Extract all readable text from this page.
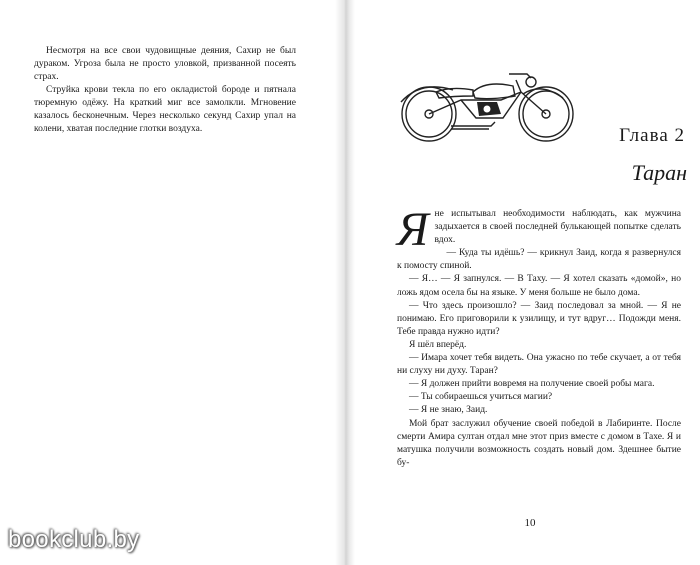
Несмотря на все свои чудовищные деяния, Сахир не был дураком. Угроза была не просто уловкой, призванной посеять страх.

Струйка крови текла по его окладистой бороде и пятнала тюремную одёжу. На краткий миг все замолкли. Мгновение казалось бесконечным. Через несколько секунд Сахир упал на колени, хватая последние глотки воздуха.	Глава 2
Таран

Яне испытывал необходимости наблюдать, как мужчина задыхается в своей последней булькающей попытке сделать вдох.

— Куда ты идёшь? — крикнул Заид, когда я развернулся к помосту спиной.

— Я… — Я запнулся. — В Таху. — Я хотел сказать «домой», но ложь ядом осела бы на языке. У меня больше не было дома.

— Что здесь произошло? — Заид последовал за мной. — Я не понимаю. Его приговорили к узилищу, и тут вдруг… Подожди меня. Тебе правда нужно идти?

Я шёл вперёд.

— Имара хочет тебя видеть. Она ужасно по тебе скучает, а от тебя ни слуху ни духу. Таран?

— Я должен прийти вовремя на получение своей робы мага.

— Ты собираешься учиться магии?

— Я не знаю, Заид.

Мой брат заслужил обучение своей победой в Лабиринте. После смерти Амира султан отдал мне этот приз вместе с домом в Тахе. Я и матушка получили возможность создать новый дом. Здешнее бытие бу-

10
bookclub.by
